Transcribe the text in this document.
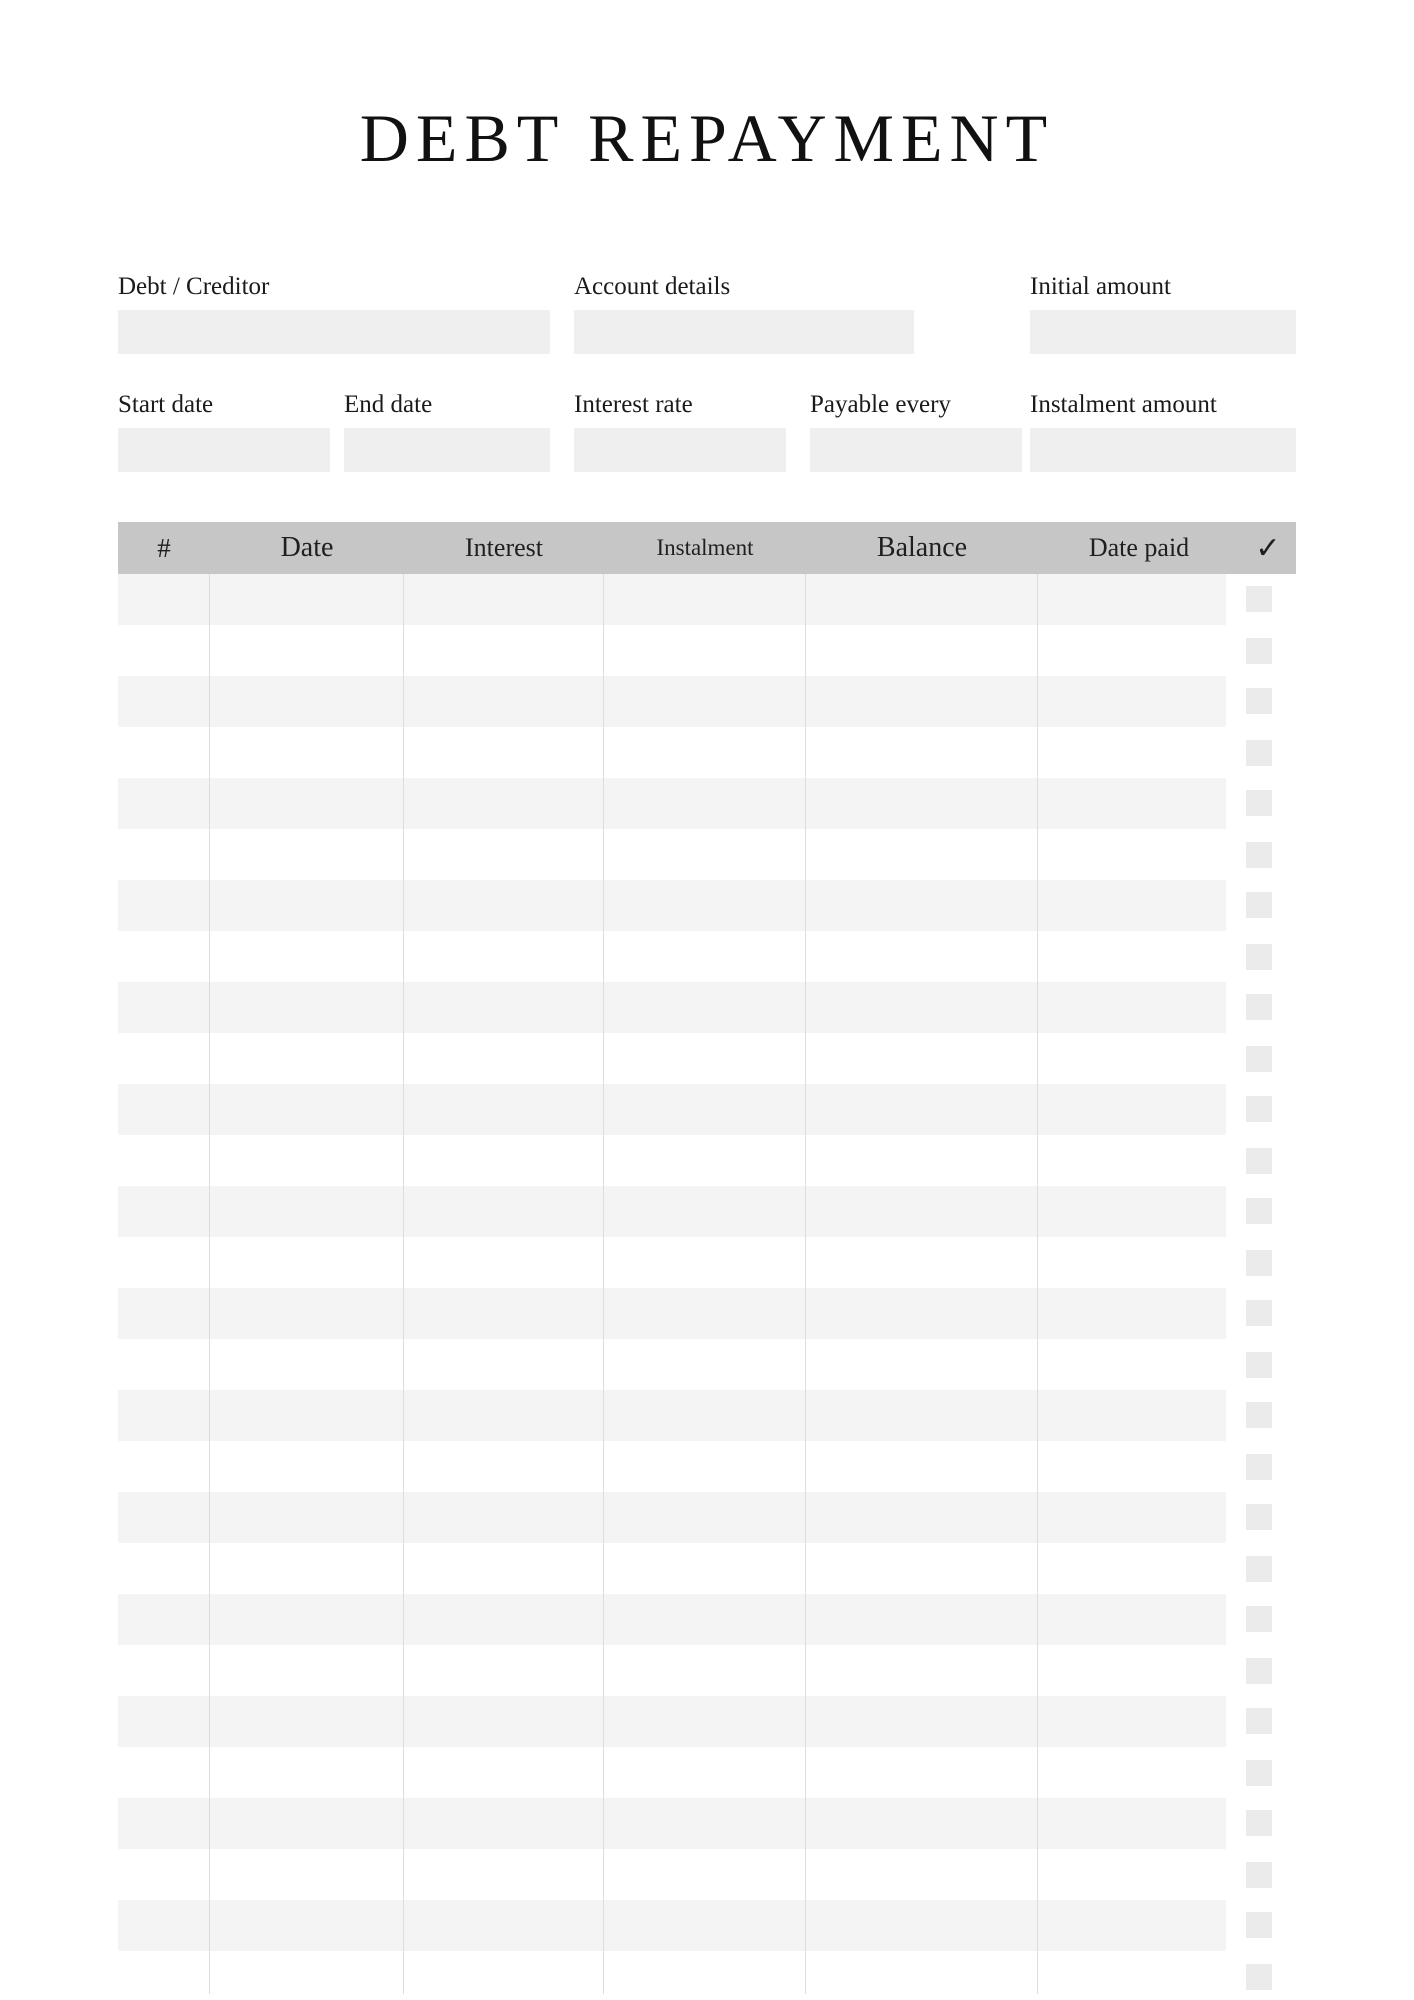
DEBT REPAYMENT
Debt / Creditor	Account details	Initial amount
Start date	End date	Interest rate	Payable every	Instalment amount
#	Date	Interest	Instalment	Balance	Date paid	✓
